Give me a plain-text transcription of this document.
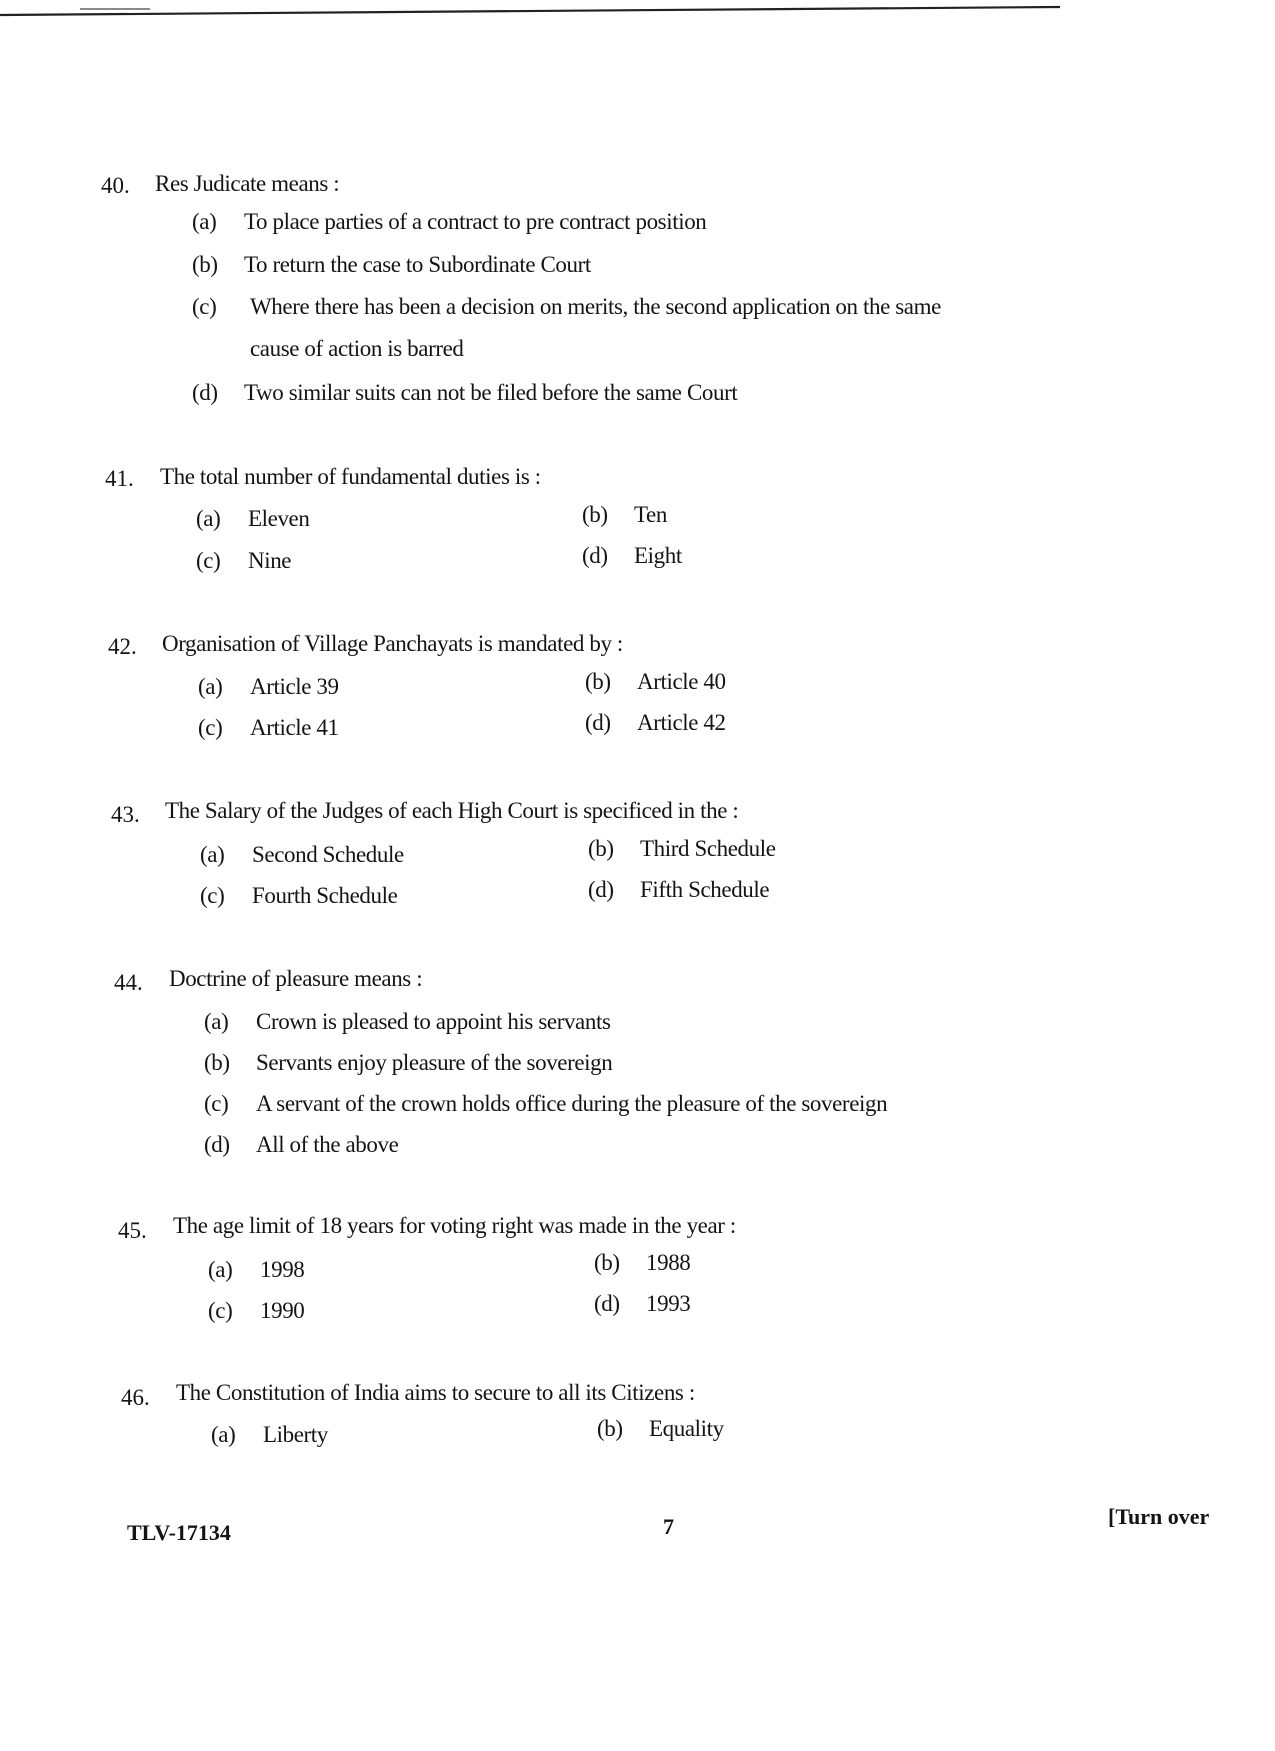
40. Res Judicate means :
(a) To place parties of a contract to pre contract position
(b) To return the case to Subordinate Court
(c)	Where there has been a decision on merits, the second application on the same cause of action is barred
(d) Two similar suits can not be filed before the same Court
41. The total number of fundamental duties is :
(a) Eleven	(b) Ten
(c) Nine	(d) Eight
42. Organisation of Village Panchayats is mandated by :
(a) Article 39	(b) Article 40
(c) Article 41	(d) Article 42
43. The Salary of the Judges of each High Court is specificed in the :
(a) Second Schedule	(b) Third Schedule
(c) Fourth Schedule	(d) Fifth Schedule
44. Doctrine of pleasure means :
(a) Crown is pleased to appoint his servants
(b) Servants enjoy pleasure of the sovereign
(c) A servant of the crown holds office during the pleasure of the sovereign
(d) All of the above
45. The age limit of 18 years for voting right was made in the year :
(a) 1998	(b) 1988
(c) 1990	(d) 1993
46. The Constitution of India aims to secure to all its Citizens :
(a) Liberty	(b) Equality
TLV-17134	7	[Turn over
